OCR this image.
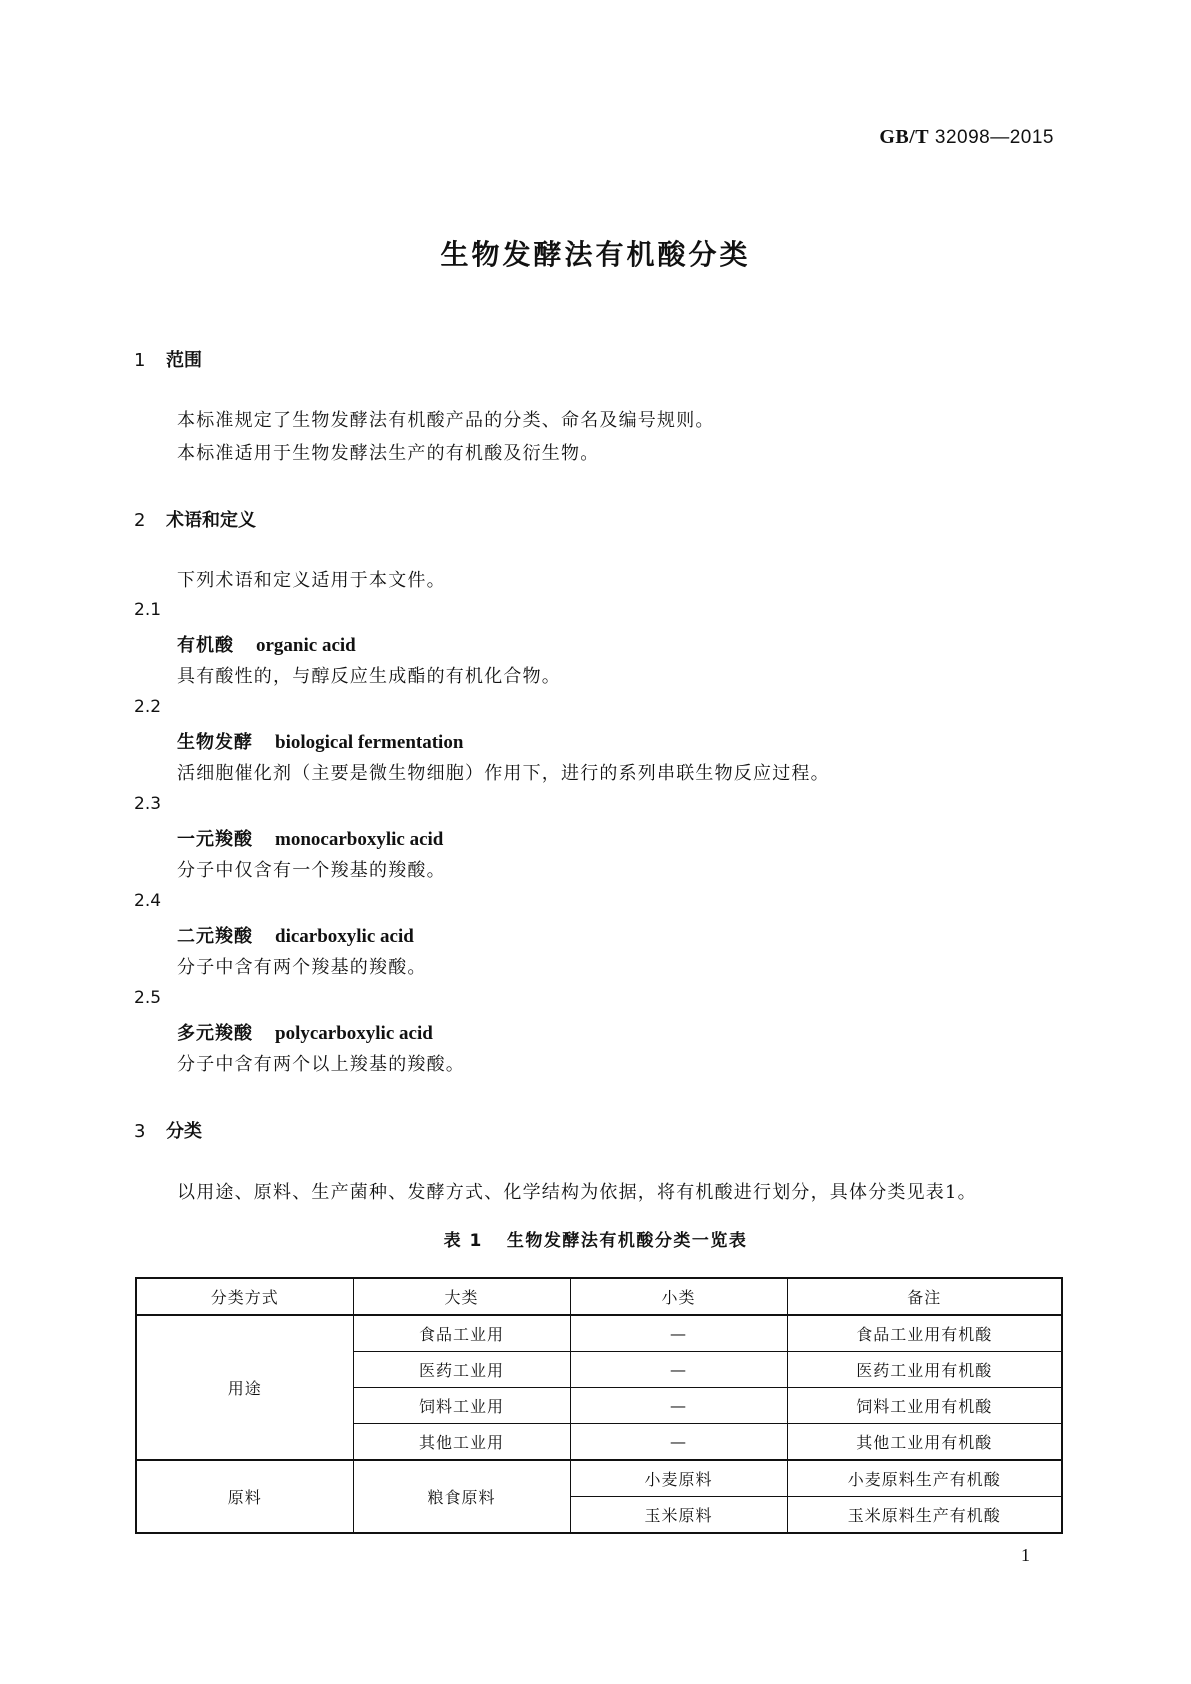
GB/T 32098—2015
生物发酵法有机酸分类
1 范围
本标准规定了生物发酵法有机酸产品的分类、命名及编号规则。
本标准适用于生物发酵法生产的有机酸及衍生物。
2 术语和定义
下列术语和定义适用于本文件。
2.1
有机酸 organic acid
具有酸性的，与醇反应生成酯的有机化合物。
2.2
生物发酵 biological fermentation
活细胞催化剂（主要是微生物细胞）作用下，进行的系列串联生物反应过程。
2.3
一元羧酸 monocarboxylic acid
分子中仅含有一个羧基的羧酸。
2.4
二元羧酸 dicarboxylic acid
分子中含有两个羧基的羧酸。
2.5
多元羧酸 polycarboxylic acid
分子中含有两个以上羧基的羧酸。
3 分类
以用途、原料、生产菌种、发酵方式、化学结构为依据，将有机酸进行划分，具体分类见表1。
表 1 生物发酵法有机酸分类一览表
分类方式	大类	小类	备注
用途	食品工业用	—	食品工业用有机酸
	医药工业用	—	医药工业用有机酸
	饲料工业用	—	饲料工业用有机酸
	其他工业用	—	其他工业用有机酸
原料	粮食原料	小麦原料	小麦原料生产有机酸
		玉米原料	玉米原料生产有机酸
1
